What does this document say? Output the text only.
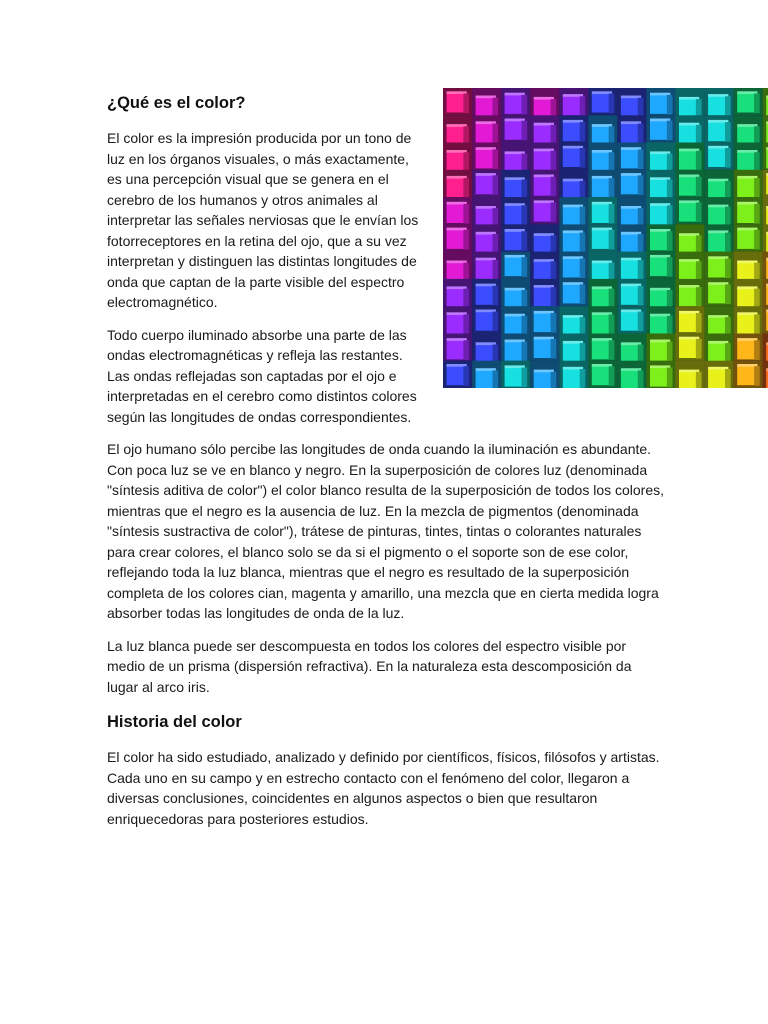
¿Qué es el color?

El color es la impresión producida por un tono de luz en los órganos visuales, o más exactamente, es una percepción visual que se genera en el cerebro de los humanos y otros animales al interpretar las señales nerviosas que le envían los fotorreceptores en la retina del ojo, que a su vez interpretan y distinguen las distintas longitudes de onda que captan de la parte visible del espectro electromagnético.

Todo cuerpo iluminado absorbe una parte de las ondas electromagnéticas y refleja las restantes. Las ondas reflejadas son captadas por el ojo e interpretadas en el cerebro como distintos colores según las longitudes de ondas correspondientes.

El ojo humano sólo percibe las longitudes de onda cuando la iluminación es abundante. Con poca luz se ve en blanco y negro. En la superposición de colores luz (denominada "síntesis aditiva de color") el color blanco resulta de la superposición de todos los colores, mientras que el negro es la ausencia de luz. En la mezcla de pigmentos (denominada "síntesis sustractiva de color"), trátese de pinturas, tintes, tintas o colorantes naturales para crear colores, el blanco solo se da si el pigmento o el soporte son de ese color, reflejando toda la luz blanca, mientras que el negro es resultado de la superposición completa de los colores cian, magenta y amarillo, una mezcla que en cierta medida logra absorber todas las longitudes de onda de la luz.

La luz blanca puede ser descompuesta en todos los colores del espectro visible por medio de un prisma (dispersión refractiva). En la naturaleza esta descomposición da lugar al arco iris.

Historia del color

El color ha sido estudiado, analizado y definido por científicos, físicos, filósofos y artistas. Cada uno en su campo y en estrecho contacto con el fenómeno del color, llegaron a diversas conclusiones, coincidentes en algunos aspectos o bien que resultaron enriquecedoras para posteriores estudios.
